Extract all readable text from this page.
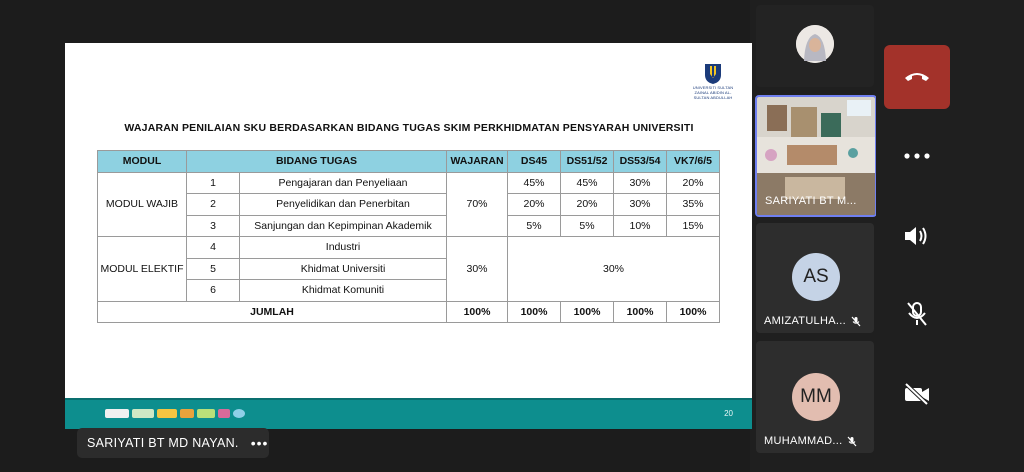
UNIVERSITI SULTAN ZAINAL ABIDIN AL-SULTAN ABDULLAH
WAJARAN PENILAIAN SKU BERDASARKAN BIDANG TUGAS SKIM PERKHIDMATAN PENSYARAH UNIVERSITI
MODUL	BIDANG TUGAS		WAJARAN	DS45	DS51/52	DS53/54	VK7/6/5
MODUL WAJIB	1	Pengajaran dan Penyeliaan	70%	45%	45%	30%	20%
	2	Penyelidikan dan Penerbitan		20%	20%	30%	35%
	3	Sanjungan dan Kepimpinan Akademik		5%	5%	10%	15%
MODUL ELEKTIF	4	Industri	30%	30%			
	5	Khidmat Universiti					
	6	Khidmat Komuniti					
JUMLAH			100%	100%	100%	100%	100%
20
SARIYATI BT MD NAYAN. •••
SARIYATI BT M...
AS
AMIZATULHA...
MM
MUHAMMAD...
